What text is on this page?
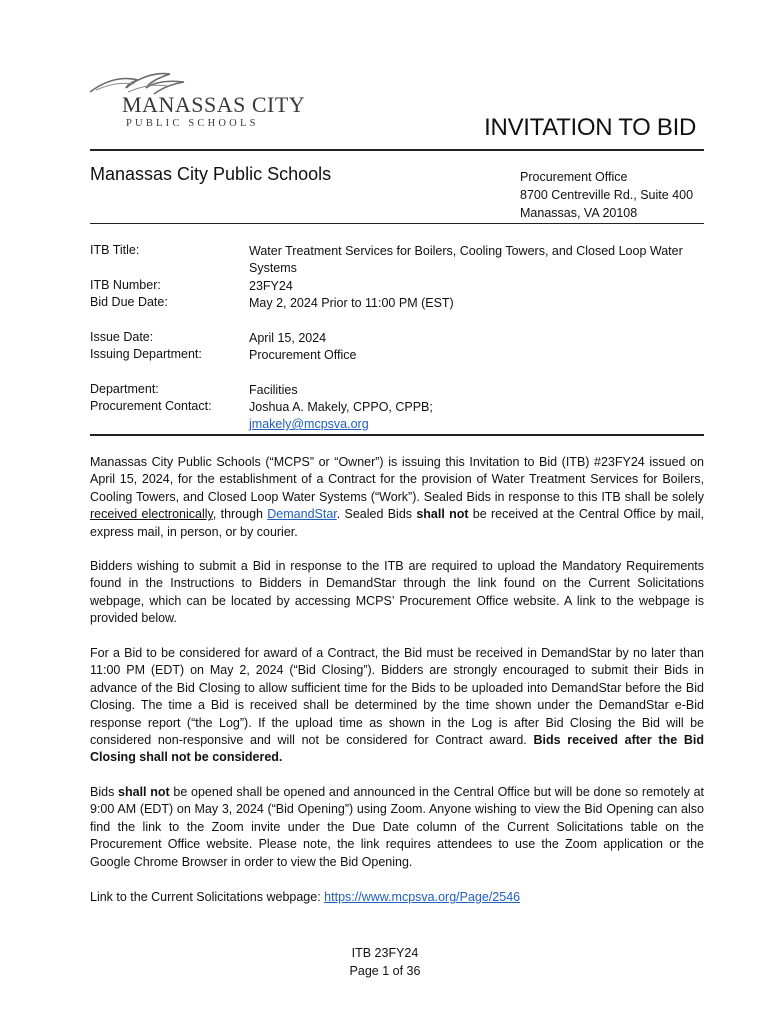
MANASSAS CITY
PUBLIC SCHOOLS	INVITATION TO BID
Manassas City Public Schools	Procurement Office
8700 Centreville Rd., Suite 400
Manassas, VA 20108
ITB Title:	Water Treatment Services for Boilers, Cooling Towers, and Closed Loop Water Systems
ITB Number:	23FY24
Bid Due Date:	May 2, 2024 Prior to 11:00 PM (EST)
Issue Date:	April 15, 2024
Issuing Department:	Procurement Office
Department:	Facilities
Procurement Contact:	Joshua A. Makely, CPPO, CPPB;
jmakely@mcpsva.org

Manassas City Public Schools (“MCPS” or “Owner”) is issuing this Invitation to Bid (ITB) #23FY24 issued on April 15, 2024, for the establishment of a Contract for the provision of Water Treatment Services for Boilers, Cooling Towers, and Closed Loop Water Systems (“Work”). Sealed Bids in response to this ITB shall be solely received electronically, through DemandStar. Sealed Bids shall not be received at the Central Office by mail, express mail, in person, or by courier.

Bidders wishing to submit a Bid in response to the ITB are required to upload the Mandatory Requirements found in the Instructions to Bidders in DemandStar through the link found on the Current Solicitations webpage, which can be located by accessing MCPS’ Procurement Office website. A link to the webpage is provided below.

For a Bid to be considered for award of a Contract, the Bid must be received in DemandStar by no later than 11:00 PM (EDT) on May 2, 2024 (“Bid Closing”). Bidders are strongly encouraged to submit their Bids in advance of the Bid Closing to allow sufficient time for the Bids to be uploaded into DemandStar before the Bid Closing. The time a Bid is received shall be determined by the time shown under the DemandStar e-Bid response report (“the Log”). If the upload time as shown in the Log is after Bid Closing the Bid will be considered non-responsive and will not be considered for Contract award. Bids received after the Bid Closing shall not be considered.

Bids shall not be opened shall be opened and announced in the Central Office but will be done so remotely at 9:00 AM (EDT) on May 3, 2024 (“Bid Opening”) using Zoom. Anyone wishing to view the Bid Opening can also find the link to the Zoom invite under the Due Date column of the Current Solicitations table on the Procurement Office website. Please note, the link requires attendees to use the Zoom application or the Google Chrome Browser in order to view the Bid Opening.

Link to the Current Solicitations webpage: https://www.mcpsva.org/Page/2546

ITB 23FY24
Page 1 of 36
